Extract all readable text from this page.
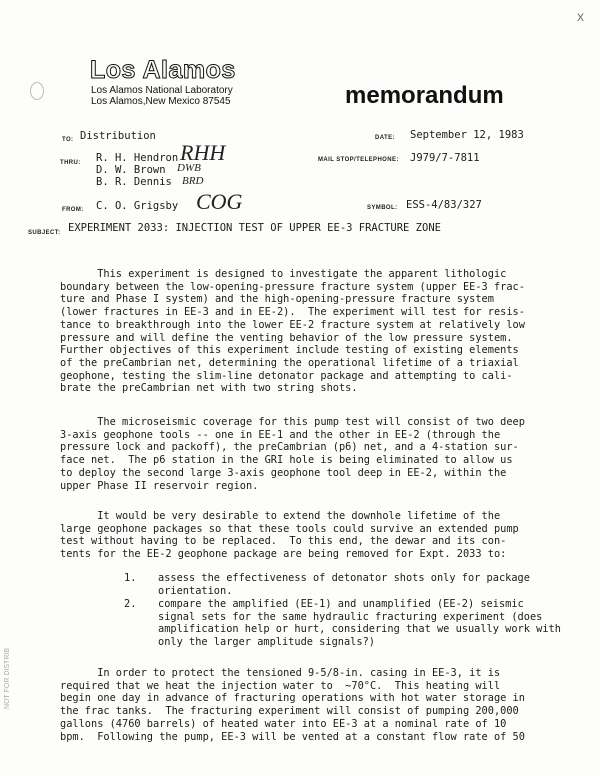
x
Los Alamos
Los Alamos National Laboratory
Los Alamos,New Mexico 87545	memorandum
TO: Distribution	DATE: September 12, 1983
THRU: R. H. Hendron
D. W. Brown
B. R. Dennis
RHH
DWB
BRD
MAIL STOP/TELEPHONE: J979/7-7811
FROM: C. O. Grigsby COG	SYMBOL: ESS-4/83/327
SUBJECT: EXPERIMENT 2033: INJECTION TEST OF UPPER EE-3 FRACTURE ZONE

This experiment is designed to investigate the apparent lithologic

boundary between the low-opening-pressure fracture system (upper EE-3 frac-

ture and Phase I system) and the high-opening-pressure fracture system

(lower fractures in EE-3 and in EE-2).  The experiment will test for resis-

tance to breakthrough into the lower EE-2 fracture system at relatively low

pressure and will define the venting behavior of the low pressure system.

Further objectives of this experiment include testing of existing elements

of the preCambrian net, determining the operational lifetime of a triaxial

geophone, testing the slim-line detonator package and attempting to cali-

brate the preCambrian net with two string shots.

The microseismic coverage for this pump test will consist of two deep

3-axis geophone tools -- one in EE-1 and the other in EE-2 (through the

pressure lock and packoff), the preCambrian (p6) net, and a 4-station sur-

face net.  The p6 station in the GRI hole is being eliminated to allow us

to deploy the second large 3-axis geophone tool deep in EE-2, within the

upper Phase II reservoir region.

It would be very desirable to extend the downhole lifetime of the

large geophone packages so that these tools could survive an extended pump

test without having to be replaced.  To this end, the dewar and its con-

tents for the EE-2 geophone package are being removed for Expt. 2033 to:

1. assess the effectiveness of detonator shots only for package

orientation.

2. compare the amplified (EE-1) and unamplified (EE-2) seismic

signal sets for the same hydraulic fracturing experiment (does

amplification help or hurt, considering that we usually work with

only the larger amplitude signals?)

In order to protect the tensioned 9-5/8-in. casing in EE-3, it is

required that we heat the injection water to  ~70°C.  This heating will

begin one day in advance of fracturing operations with hot water storage in

the frac tanks.  The fracturing experiment will consist of pumping 200,000

gallons (4760 barrels) of heated water into EE-3 at a nominal rate of 10

bpm.  Following the pump, EE-3 will be vented at a constant flow rate of 50

NOT FOR DISTRIB
